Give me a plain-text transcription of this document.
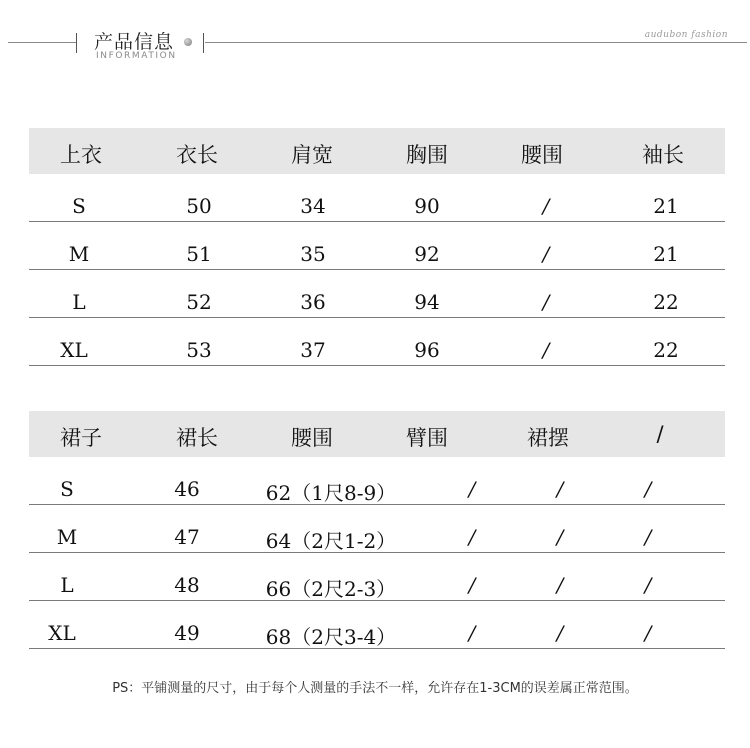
产品信息
INFORMATION
audubon fashion
上衣	衣长	肩宽	胸围	腰围	袖长
S	50	34	90	/	21
M	51	35	92	/	21
L	52	36	94	/	22
XL	53	37	96	/	22
裙子	裙长	腰围	臂围	裙摆	/
S	46	62（1尺8-9）	/	/	/
M	47	64（2尺1-2）	/	/	/
L	48	66（2尺2-3）	/	/	/
XL	49	68（2尺3-4）	/	/	/
PS：平铺测量的尺寸，由于每个人测量的手法不一样，允许存在1-3CM的误差属正常范围。
